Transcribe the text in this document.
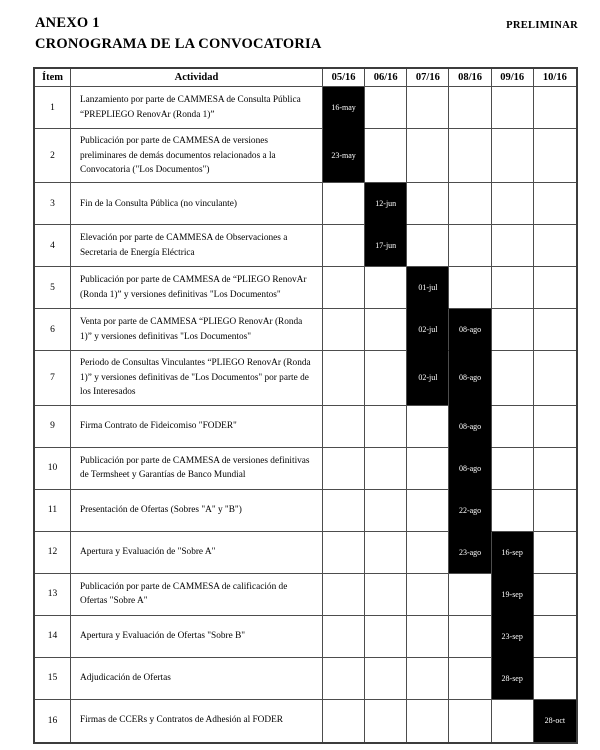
ANEXO 1
CRONOGRAMA DE LA CONVOCATORIA
PRELIMINAR
Ítem	Actividad	05/16	06/16	07/16	08/16	09/16	10/16
1	Lanzamiento por parte de CAMMESA de Consulta Pública “PREPLIEGO RenovAr (Ronda 1)”	16-may					
2	Publicación por parte de CAMMESA de versiones preliminares de demás documentos relacionados a la Convocatoria ("Los Documentos")	23-may					
3	Fin de la Consulta Pública (no vinculante)		12-jun				
4	Elevación por parte de CAMMESA de Observaciones a Secretaria de Energía Eléctrica		17-jun				
5	Publicación por parte de CAMMESA de “PLIEGO RenovAr (Ronda 1)” y versiones definitivas "Los Documentos"			01-jul			
6	Venta por parte de CAMMESA “PLIEGO RenovAr (Ronda 1)” y versiones definitivas "Los Documentos"			02-jul	08-ago		
7	Periodo de Consultas Vinculantes “PLIEGO RenovAr (Ronda 1)” y versiones definitivas de "Los Documentos" por parte de los Interesados			02-jul	08-ago		
9	Firma Contrato de Fideicomiso "FODER"				08-ago		
10	Publicación por parte de CAMMESA de versiones definitivas de Termsheet y Garantías de Banco Mundial				08-ago		
11	Presentación de Ofertas (Sobres "A" y "B")				22-ago		
12	Apertura y Evaluación de "Sobre A"				23-ago	16-sep	
13	Publicación por parte de CAMMESA de calificación de Ofertas "Sobre A"					19-sep	
14	Apertura y Evaluación de Ofertas "Sobre B"					23-sep	
15	Adjudicación de Ofertas					28-sep	
16	Firmas de CCERs y Contratos de Adhesión al FODER						28-oct
